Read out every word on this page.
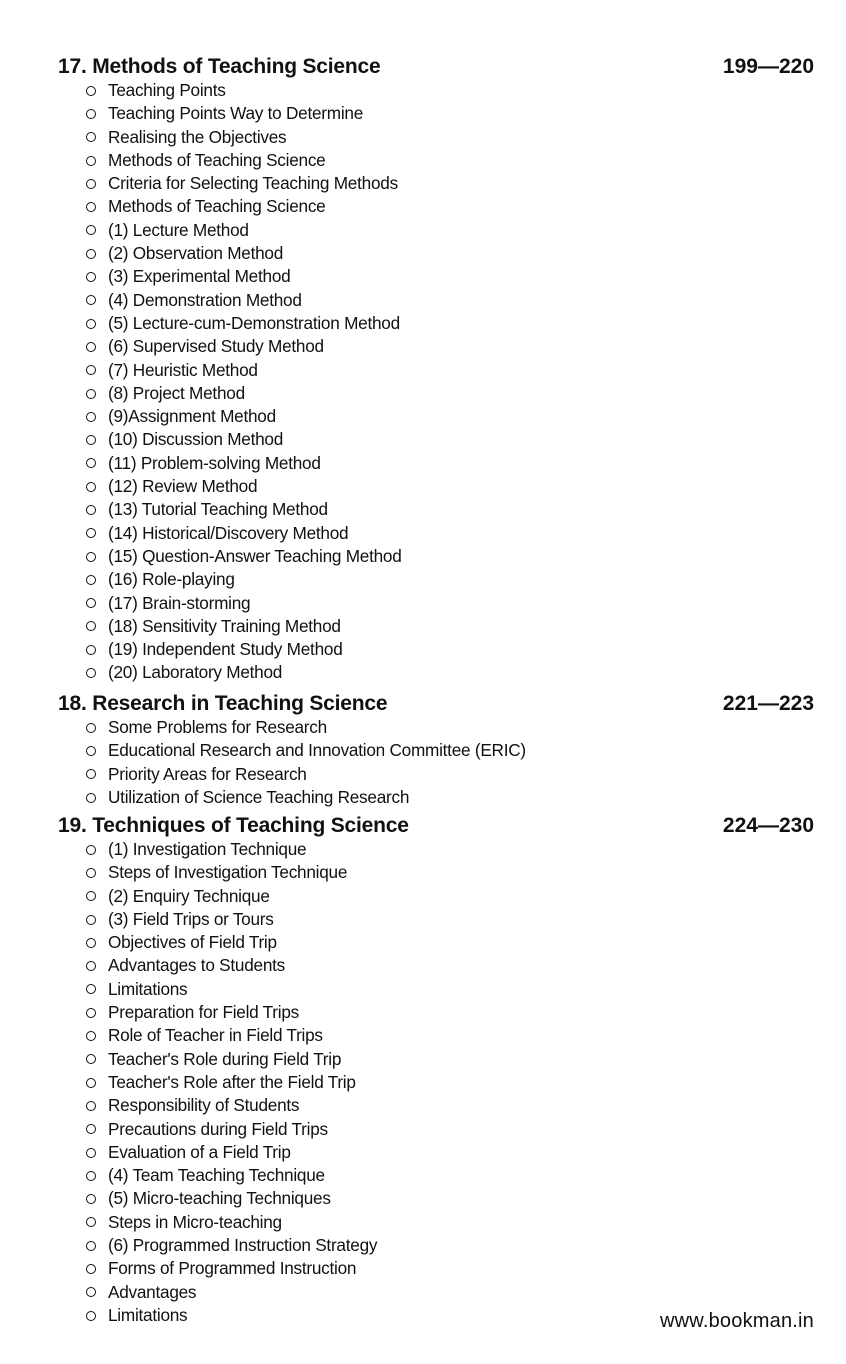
17. Methods of Teaching Science	199—220
Teaching Points
Teaching Points Way to Determine
Realising the Objectives
Methods of Teaching Science
Criteria for Selecting Teaching Methods
Methods of Teaching Science
(1) Lecture Method
(2) Observation Method
(3) Experimental Method
(4) Demonstration Method
(5) Lecture-cum-Demonstration Method
(6) Supervised Study Method
(7) Heuristic Method
(8) Project Method
(9)Assignment Method
(10) Discussion Method
(11) Problem-solving Method
(12) Review Method
(13) Tutorial Teaching Method
(14) Historical/Discovery Method
(15) Question-Answer Teaching Method
(16) Role-playing
(17) Brain-storming
(18) Sensitivity Training Method
(19) Independent Study Method
(20) Laboratory Method
18. Research in Teaching Science	221—223
Some Problems for Research
Educational Research and Innovation Committee (ERIC)
Priority Areas for Research
Utilization of Science Teaching Research
19. Techniques of Teaching Science	224—230
(1) Investigation Technique
Steps of Investigation Technique
(2) Enquiry Technique
(3) Field Trips or Tours
Objectives of Field Trip
Advantages to Students
Limitations
Preparation for Field Trips
Role of Teacher in Field Trips
Teacher's Role during Field Trip
Teacher's Role after the Field Trip
Responsibility of Students
Precautions during Field Trips
Evaluation of a Field Trip
(4) Team Teaching Technique
(5) Micro-teaching Techniques
Steps in Micro-teaching
(6) Programmed Instruction Strategy
Forms of Programmed Instruction
Advantages
Limitations	www.bookman.in
